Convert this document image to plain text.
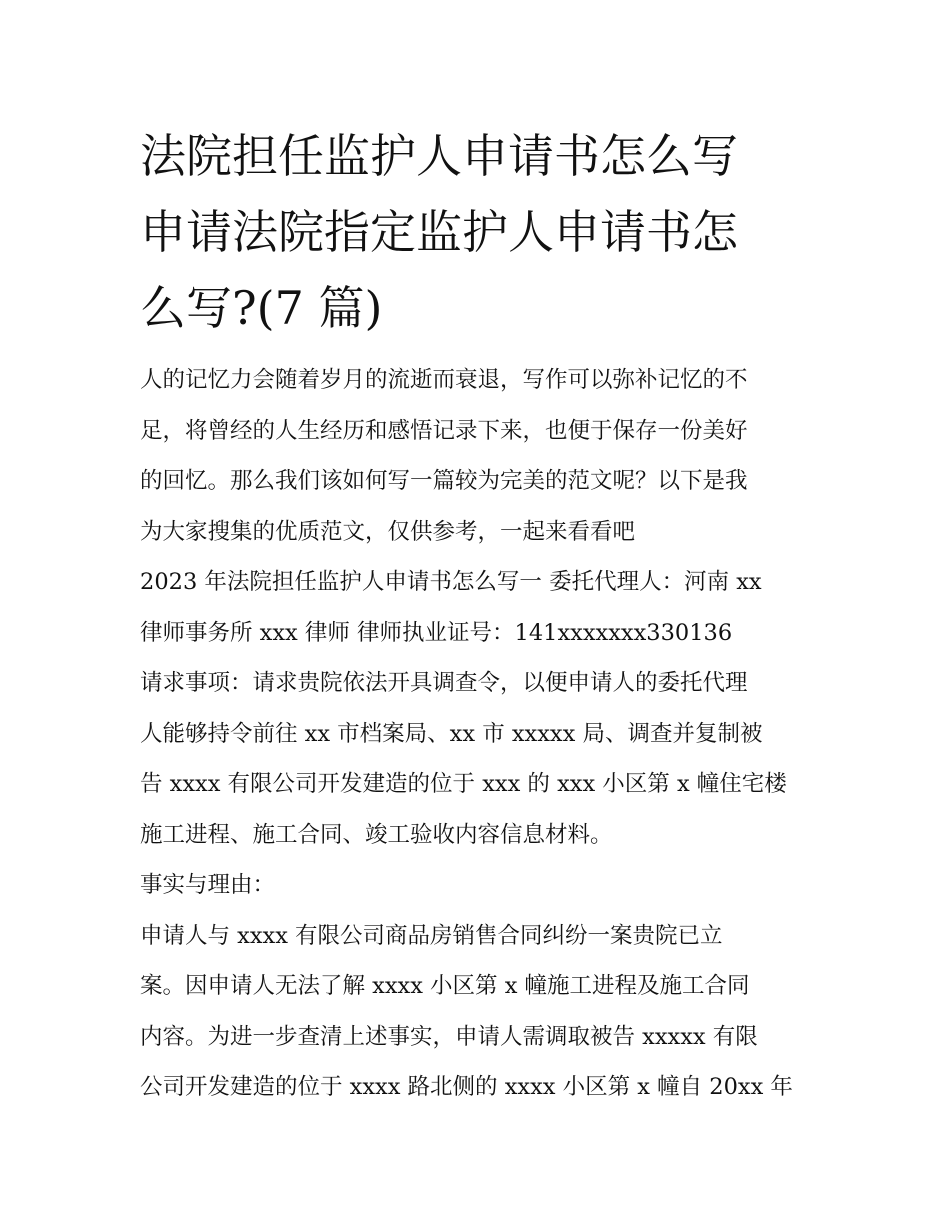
法院担任监护人申请书怎么写
申请法院指定监护人申请书怎
么写?(7 篇)

人的记忆力会随着岁月的流逝而衰退，写作可以弥补记忆的不
足，将曾经的人生经历和感悟记录下来，也便于保存一份美好
的回忆。那么我们该如何写一篇较为完美的范文呢？以下是我
为大家搜集的优质范文，仅供参考，一起来看看吧

2023 年法院担任监护人申请书怎么写一 委托代理人：河南 xx
律师事务所 xxx 律师 律师执业证号：141xxxxxxx330136

请求事项：请求贵院依法开具调查令，以便申请人的委托代理
人能够持令前往 xx 市档案局、xx 市 xxxxx 局、调查并复制被
告 xxxx 有限公司开发建造的位于 xxx 的 xxx 小区第 x 幢住宅楼
施工进程、施工合同、竣工验收内容信息材料。

事实与理由：

申请人与 xxxx 有限公司商品房销售合同纠纷一案贵院已立
案。因申请人无法了解 xxxx 小区第 x 幢施工进程及施工合同
内容。为进一步查清上述事实，申请人需调取被告 xxxxx 有限
公司开发建造的位于 xxxx 路北侧的 xxxx 小区第 x 幢自 20xx 年
